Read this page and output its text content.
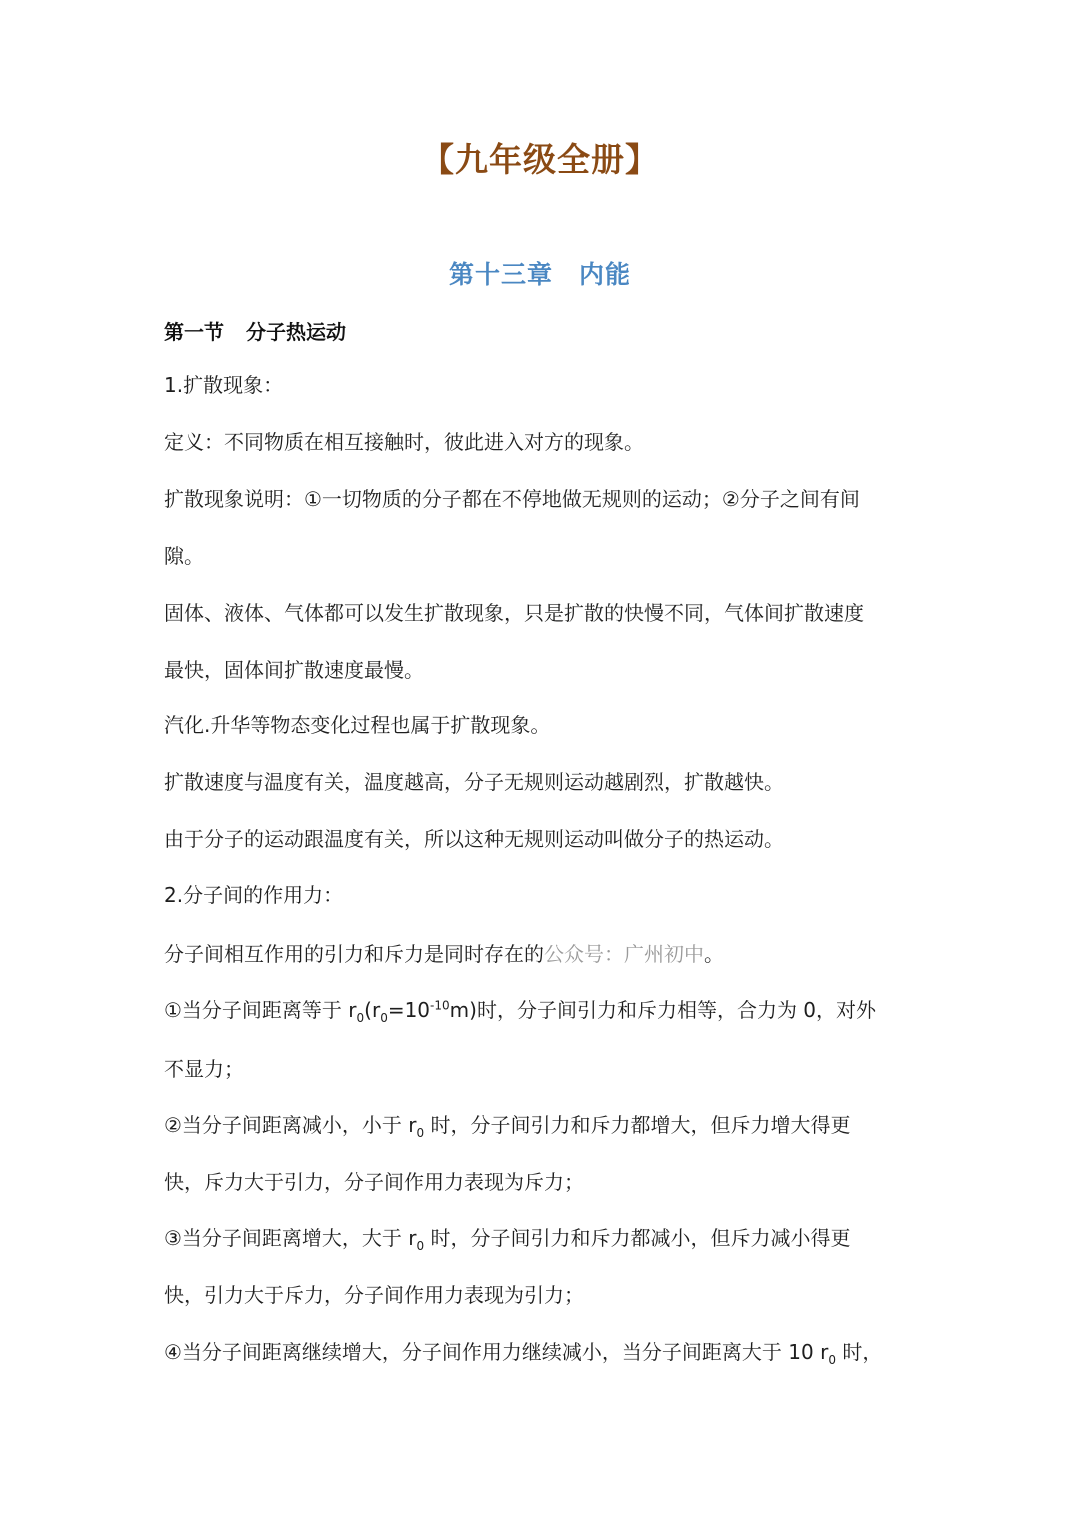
【九年级全册】
第十三章 内能
第一节 分子热运动
1.扩散现象：
定义：不同物质在相互接触时，彼此进入对方的现象。
扩散现象说明：①一切物质的分子都在不停地做无规则的运动；②分子之间有间
隙。
固体、液体、气体都可以发生扩散现象，只是扩散的快慢不同，气体间扩散速度
最快，固体间扩散速度最慢。
汽化.升华等物态变化过程也属于扩散现象。
扩散速度与温度有关，温度越高，分子无规则运动越剧烈，扩散越快。
由于分子的运动跟温度有关，所以这种无规则运动叫做分子的热运动。
2.分子间的作用力：
分子间相互作用的引力和斥力是同时存在的公众号：广州初中。
①当分子间距离等于 $r_0(r_0=10^{-10}m)$时，分子间引力和斥力相等，合力为 0，对外
不显力；
②当分子间距离减小，小于 $r_0$ 时，分子间引力和斥力都增大，但斥力增大得更
快，斥力大于引力，分子间作用力表现为斥力；
③当分子间距离增大，大于 $r_0$ 时，分子间引力和斥力都减小，但斥力减小得更
快，引力大于斥力，分子间作用力表现为引力；
④当分子间距离继续增大，分子间作用力继续减小，当分子间距离大于 10 $r_0$ 时，
